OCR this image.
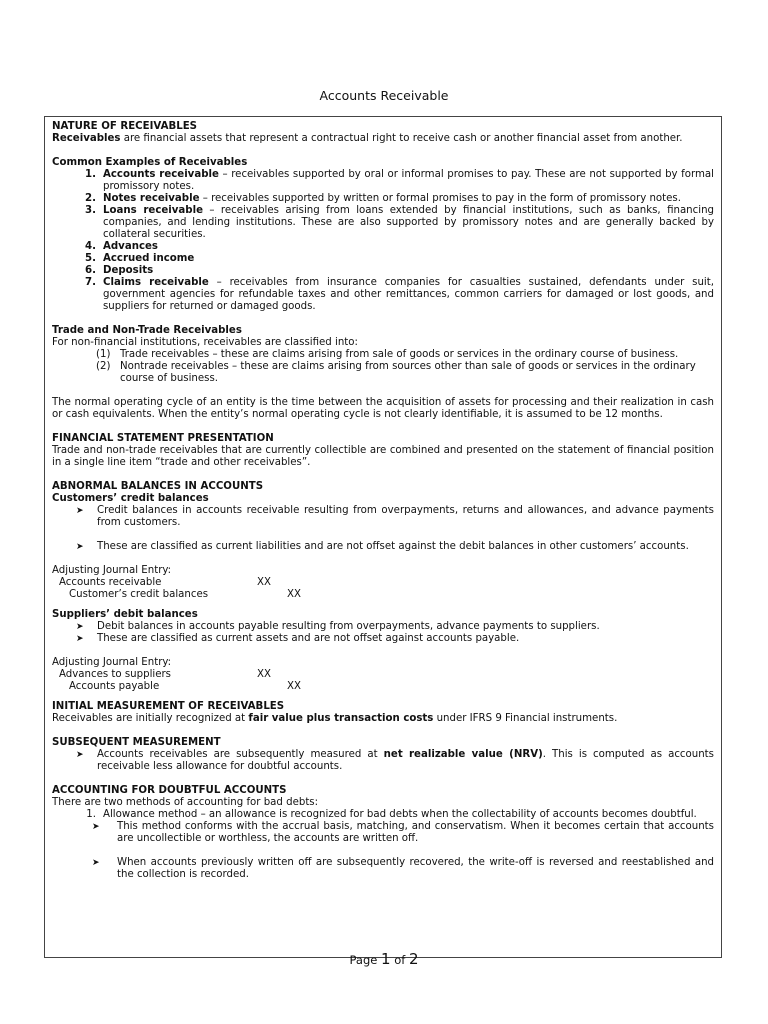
Accounts Receivable
NATURE OF RECEIVABLES
Receivables are financial assets that represent a contractual right to receive cash or another financial asset from another.
Common Examples of Receivables
1. Accounts receivable – receivables supported by oral or informal promises to pay. These are not supported by formal promissory notes.
2. Notes receivable – receivables supported by written or formal promises to pay in the form of promissory notes.
3. Loans receivable – receivables arising from loans extended by financial institutions, such as banks, financing companies, and lending institutions. These are also supported by promissory notes and are generally backed by collateral securities.
4. Advances
5. Accrued income
6. Deposits
7. Claims receivable – receivables from insurance companies for casualties sustained, defendants under suit, government agencies for refundable taxes and other remittances, common carriers for damaged or lost goods, and suppliers for returned or damaged goods.
Trade and Non-Trade Receivables
For non-financial institutions, receivables are classified into:
(1) Trade receivables – these are claims arising from sale of goods or services in the ordinary course of business.
(2) Nontrade receivables – these are claims arising from sources other than sale of goods or services in the ordinary course of business.
The normal operating cycle of an entity is the time between the acquisition of assets for processing and their realization in cash or cash equivalents. When the entity’s normal operating cycle is not clearly identifiable, it is assumed to be 12 months.
FINANCIAL STATEMENT PRESENTATION
Trade and non-trade receivables that are currently collectible are combined and presented on the statement of financial position in a single line item “trade and other receivables”.
ABNORMAL BALANCES IN ACCOUNTS
Customers’ credit balances
➤	Credit balances in accounts receivable resulting from overpayments, returns and allowances, and advance payments from customers.
➤	These are classified as current liabilities and are not offset against the debit balances in other customers’ accounts.
Adjusting Journal Entry:
Accounts receivable	XX
Customer’s credit balances	XX
Suppliers’ debit balances
➤	Debit balances in accounts payable resulting from overpayments, advance payments to suppliers.
➤	These are classified as current assets and are not offset against accounts payable.
Adjusting Journal Entry:
Advances to suppliers	XX
Accounts payable	XX
INITIAL MEASUREMENT OF RECEIVABLES
Receivables are initially recognized at fair value plus transaction costs under IFRS 9 Financial instruments.
SUBSEQUENT MEASUREMENT
➤	Accounts receivables are subsequently measured at net realizable value (NRV). This is computed as accounts receivable less allowance for doubtful accounts.
ACCOUNTING FOR DOUBTFUL ACCOUNTS
There are two methods of accounting for bad debts:
1. Allowance method – an allowance is recognized for bad debts when the collectability of accounts becomes doubtful.
➤	This method conforms with the accrual basis, matching, and conservatism. When it becomes certain that accounts are uncollectible or worthless, the accounts are written off.
➤	When accounts previously written off are subsequently recovered, the write-off is reversed and reestablished and the collection is recorded.
Page 1 of 2
